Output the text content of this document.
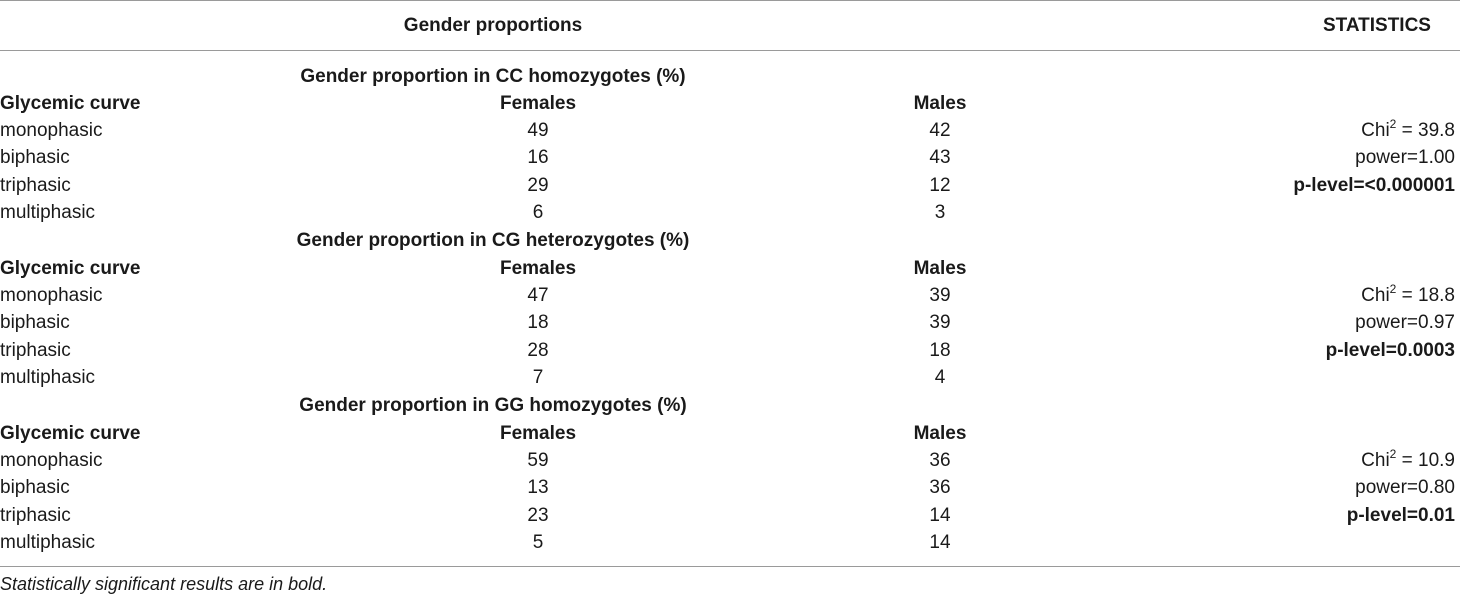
Gender proportions	STATISTICS
Gender proportion in CC homozygotes (%)
Glycemic curve	Females	Males
monophasic	49	42	Chi$^2$ = 39.8
biphasic	16	43	power=1.00
triphasic	29	12	p-level=<0.000001
multiphasic	6	3
Gender proportion in CG heterozygotes (%)
Glycemic curve	Females	Males
monophasic	47	39	Chi$^2$ = 18.8
biphasic	18	39	power=0.97
triphasic	28	18	p-level=0.0003
multiphasic	7	4
Gender proportion in GG homozygotes (%)
Glycemic curve	Females	Males
monophasic	59	36	Chi$^2$ = 10.9
biphasic	13	36	power=0.80
triphasic	23	14	p-level=0.01
multiphasic	5	14
Statistically significant results are in bold.
